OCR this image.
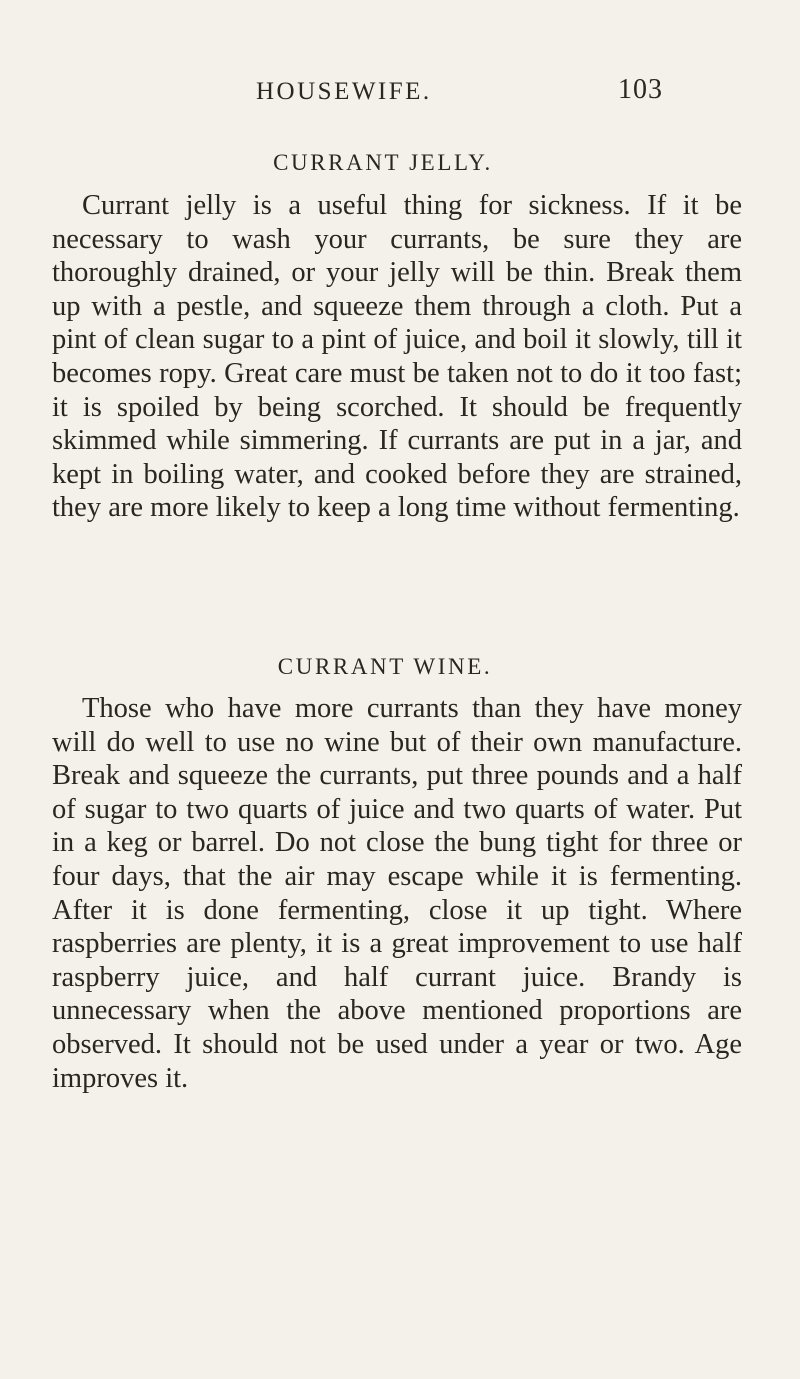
HOUSEWIFE.	103
CURRANT JELLY.

Currant jelly is a useful thing for sickness. If it be necessary to wash your currants, be sure they are thoroughly drained, or your jelly will be thin. Break them up with a pestle, and squeeze them through a cloth. Put a pint of clean sugar to a pint of juice, and boil it slowly, till it becomes ropy. Great care must be taken not to do it too fast; it is spoiled by being scorched. It should be frequently skimmed while simmering. If currants are put in a jar, and kept in boiling water, and cooked before they are strained, they are more likely to keep a long time without fermenting.

CURRANT WINE.

Those who have more currants than they have money will do well to use no wine but of their own manufacture. Break and squeeze the currants, put three pounds and a half of sugar to two quarts of juice and two quarts of water. Put in a keg or barrel. Do not close the bung tight for three or four days, that the air may escape while it is fermenting. After it is done fermenting, close it up tight. Where raspberries are plenty, it is a great improvement to use half raspberry juice, and half currant juice. Brandy is unnecessary when the above mentioned proportions are observed. It should not be used under a year or two. Age improves it.
